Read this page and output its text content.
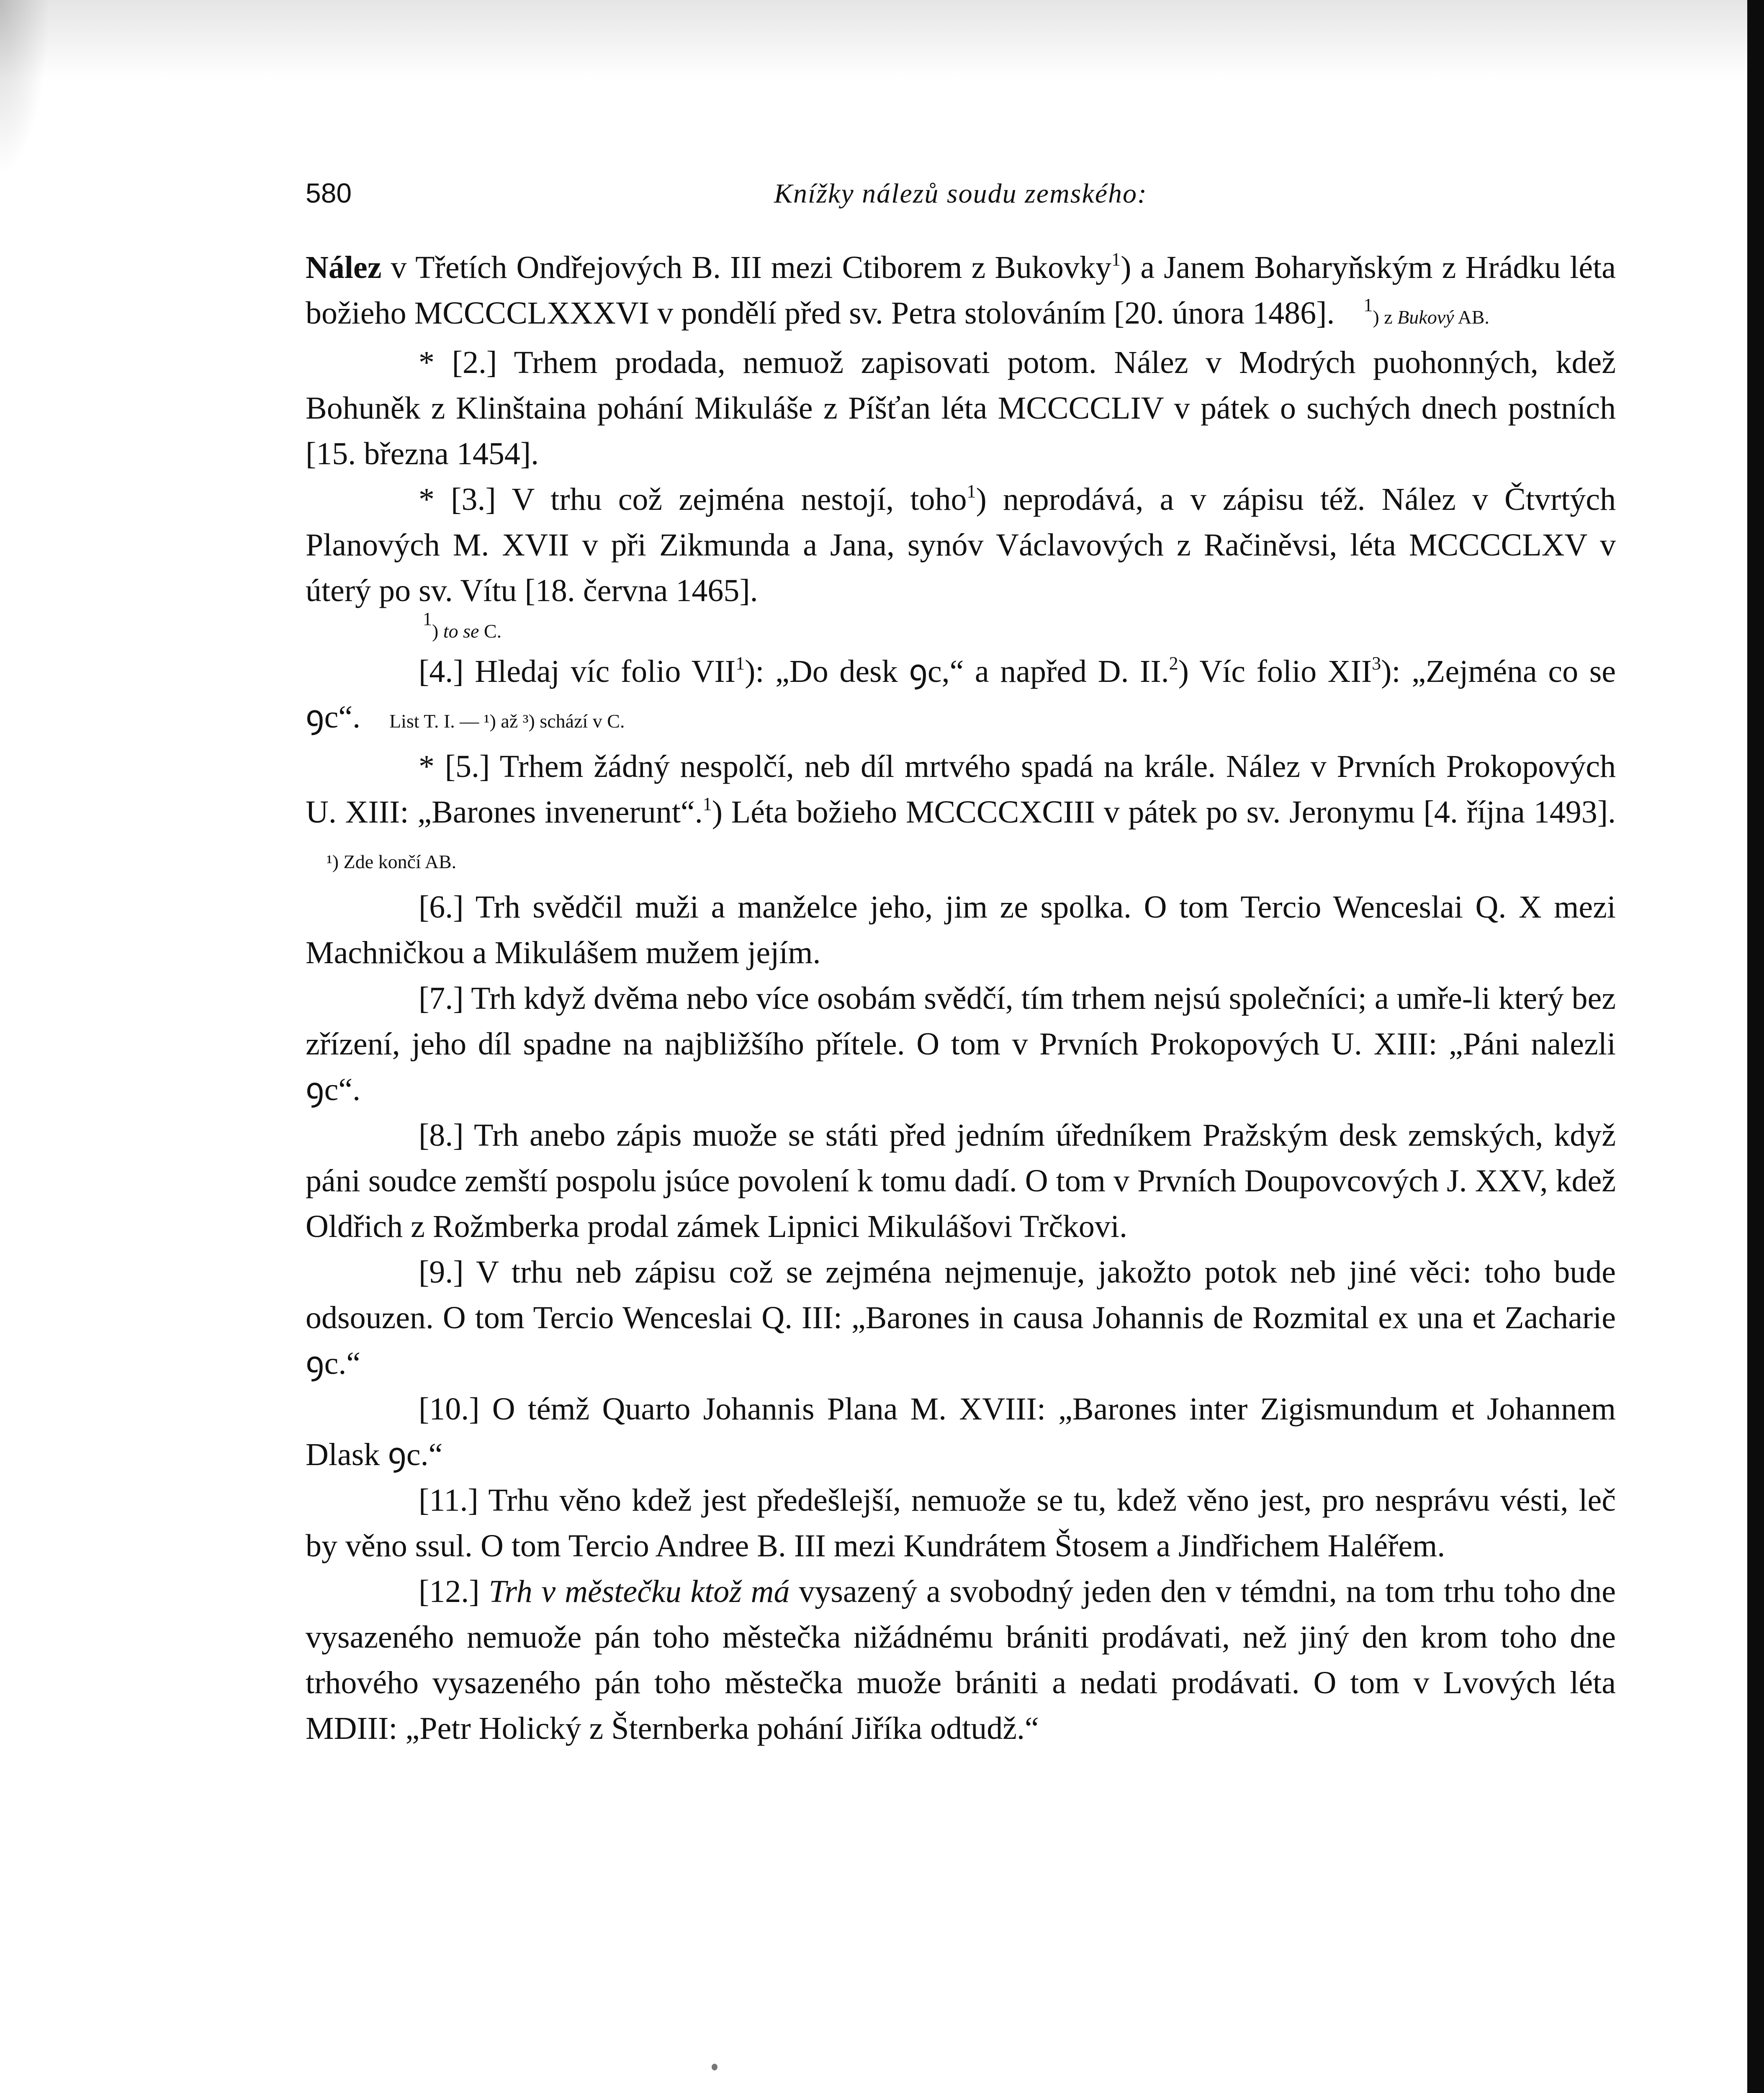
580	Knížky nálezů soudu zemského:

Nález v Třetích Ondřejových B. III mezi Ctiborem z Bukovky$^1$) a Janem Boharyňským z Hrádku léta božieho MCCCCLXXXVI v pondělí před sv. Petra stolováním [20. února 1486]. $^1$) z Bukový AB.

* [2.] Trhem prodada, nemuož zapisovati potom. Nález v Modrých puohonných, kdež Bohuněk z Klinštaina pohání Mikuláše z Píšťan léta MCCCCLIV v pátek o suchých dnech postních [15. března 1454].

* [3.] V trhu což zejména nestojí, toho$^1$) neprodává, a v zápisu též. Nález v Čtvrtých Planových M. XVII v při Zikmunda a Jana, synóv Václavových z Račiněvsi, léta MCCCCLXV v úterý po sv. Vítu [18. června 1465].

$^1$) to se C.

[4.] Hledaj víc folio VII$^1$): „Do desk ꝯc,“ a napřed D. II.$^2$) Víc folio XII$^3$): „Zejména co se ꝯc“. List T. I. — ¹) až ³) schází v C.

* [5.] Trhem žádný nespolčí, neb díl mrtvého spadá na krále. Nález v Prvních Prokopových U. XIII: „Barones invenerunt“.$^1$) Léta božieho MCCCCXCIII v pátek po sv. Jeronymu [4. října 1493]. ¹) Zde končí AB.

[6.] Trh svědčil muži a manželce jeho, jim ze spolka. O tom Tercio Wenceslai Q. X mezi Machničkou a Mikulášem mužem jejím.

[7.] Trh když dvěma nebo více osobám svědčí, tím trhem nejsú společníci; a umře-li který bez zřízení, jeho díl spadne na najbližšího přítele. O tom v Prvních Prokopových U. XIII: „Páni nalezli ꝯc“.

[8.] Trh anebo zápis muože se státi před jedním úředníkem Pražským desk zemských, když páni soudce zemští pospolu jsúce povolení k tomu dadí. O tom v Prvních Doupovcových J. XXV, kdež Oldřich z Rožmberka prodal zámek Lipnici Mikulášovi Trčkovi.

[9.] V trhu neb zápisu což se zejména nejmenuje, jakožto potok neb jiné věci: toho bude odsouzen. O tom Tercio Wenceslai Q. III: „Barones in causa Johannis de Rozmital ex una et Zacharie ꝯc.“

[10.] O témž Quarto Johannis Plana M. XVIII: „Barones inter Zigismundum et Johannem Dlask ꝯc.“

[11.] Trhu věno kdež jest předešlejší, nemuože se tu, kdež věno jest, pro nesprávu vésti, leč by věno ssul. O tom Tercio Andree B. III mezi Kundrátem Štosem a Jindřichem Haléřem.

[12.] Trh v městečku ktož má vysazený a svobodný jeden den v témdni, na tom trhu toho dne vysazeného nemuože pán toho městečka nižádnému brániti prodávati, než jiný den krom toho dne trhového vysazeného pán toho městečka muože brániti a nedati prodávati. O tom v Lvových léta MDIII: „Petr Holický z Šternberka pohání Jiříka odtudž.“
